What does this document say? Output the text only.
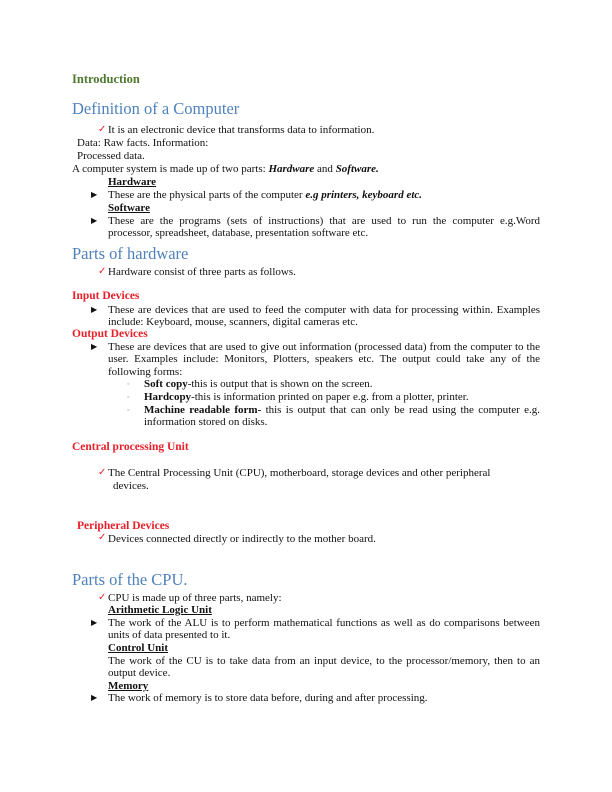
Introduction
Definition of a Computer
✓ It is an electronic device that transforms data to information.
Data: Raw facts. Information:
Processed data.
A computer system is made up of two parts: Hardware and Software.
Hardware
▶ These are the physical parts of the computer e.g printers, keyboard etc.
Software
▶ These are the programs (sets of instructions) that are used to run the computer e.g.Word processor, spreadsheet, database, presentation software etc.
Parts of hardware
✓ Hardware consist of three parts as follows.
Input Devices
▶ These are devices that are used to feed the computer with data for processing within. Examples include: Keyboard, mouse, scanners, digital cameras etc.
Output Devices
▶ These are devices that are used to give out information (processed data) from the computer to the user. Examples include: Monitors, Plotters, speakers etc. The output could take any of the following forms:
◦ Soft copy-this is output that is shown on the screen.
◦ Hardcopy-this is information printed on paper e.g. from a plotter, printer.
◦ Machine readable form- this is output that can only be read using the computer e.g. information stored on disks.
Central processing Unit
✓ The Central Processing Unit (CPU), motherboard, storage devices and other peripheral
devices.
Peripheral Devices
✓ Devices connected directly or indirectly to the mother board.
Parts of the CPU.
✓ CPU is made up of three parts, namely:
Arithmetic Logic Unit
▶ The work of the ALU is to perform mathematical functions as well as do comparisons between units of data presented to it.
Control Unit
The work of the CU is to take data from an input device, to the processor/memory, then to an output device.
Memory
▶ The work of memory is to store data before, during and after processing.
